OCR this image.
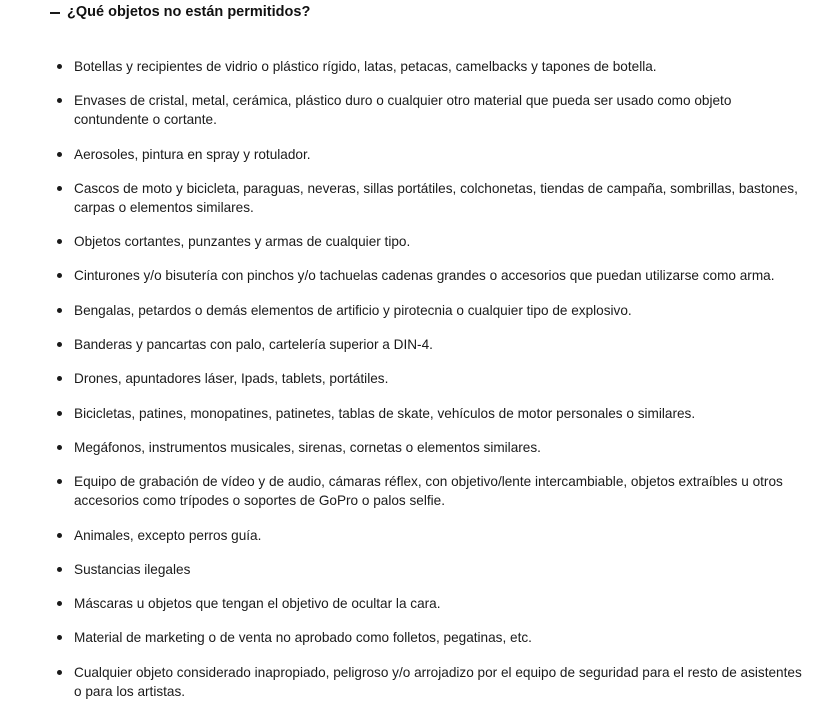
¿Qué objetos no están permitidos?
Botellas y recipientes de vidrio o plástico rígido, latas, petacas, camelbacks y tapones de botella.
Envases de cristal, metal, cerámica, plástico duro o cualquier otro material que pueda ser usado como objeto contundente o cortante.
Aerosoles, pintura en spray y rotulador.
Cascos de moto y bicicleta, paraguas, neveras, sillas portátiles, colchonetas, tiendas de campaña, sombrillas, bastones, carpas o elementos similares.
Objetos cortantes, punzantes y armas de cualquier tipo.
Cinturones y/o bisutería con pinchos y/o tachuelas cadenas grandes o accesorios que puedan utilizarse como arma.
Bengalas, petardos o demás elementos de artificio y pirotecnia o cualquier tipo de explosivo.
Banderas y pancartas con palo, cartelería superior a DIN-4.
Drones, apuntadores láser, Ipads, tablets, portátiles.
Bicicletas, patines, monopatines, patinetes, tablas de skate, vehículos de motor personales o similares.
Megáfonos, instrumentos musicales, sirenas, cornetas o elementos similares.
Equipo de grabación de vídeo y de audio, cámaras réflex, con objetivo/lente intercambiable, objetos extraíbles u otros accesorios como trípodes o soportes de GoPro o palos selfie.
Animales, excepto perros guía.
Sustancias ilegales
Máscaras u objetos que tengan el objetivo de ocultar la cara.
Material de marketing o de venta no aprobado como folletos, pegatinas, etc.
Cualquier objeto considerado inapropiado, peligroso y/o arrojadizo por el equipo de seguridad para el resto de asistentes o para los artistas.
